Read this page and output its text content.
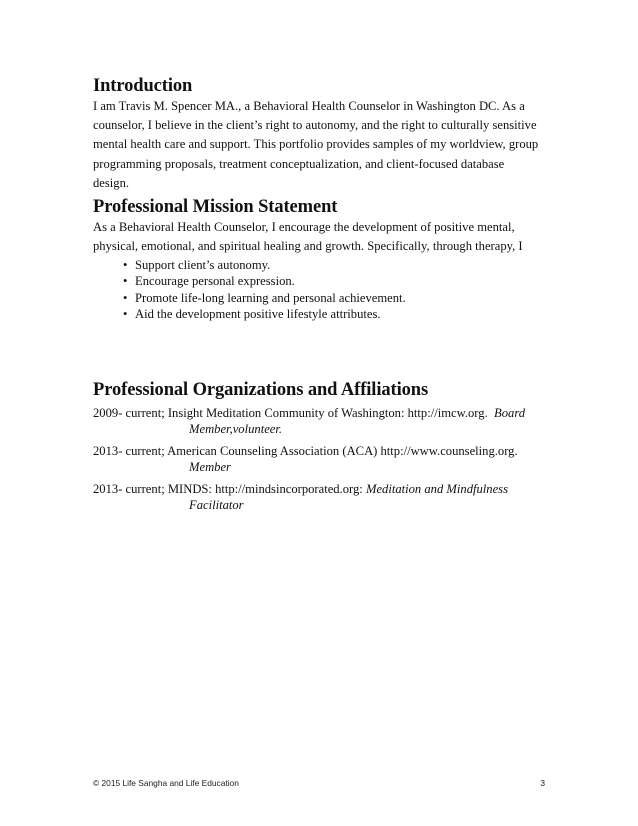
Introduction
I am Travis M. Spencer MA., a Behavioral Health Counselor in Washington DC. As a
counselor, I believe in the client’s right to autonomy, and the right to culturally sensitive
mental health care and support. This portfolio provides samples of my worldview, group
programming proposals, treatment conceptualization, and client-focused database
design.
Professional Mission Statement
As a Behavioral Health Counselor, I encourage the development of positive mental,
physical, emotional, and spiritual healing and growth. Specifically, through therapy, I
• Support client’s autonomy.
• Encourage personal expression.
• Promote life-long learning and personal achievement.
• Aid the development positive lifestyle attributes.
Professional Organizations and Affiliations
2009- current; Insight Meditation Community of Washington: http://imcw.org. Board
Member,volunteer.
2013- current; American Counseling Association (ACA) http://www.counseling.org.
Member
2013- current; MINDS: http://mindsincorporated.org: Meditation and Mindfulness
Facilitator
© 2015 Life Sangha and Life Education	3
